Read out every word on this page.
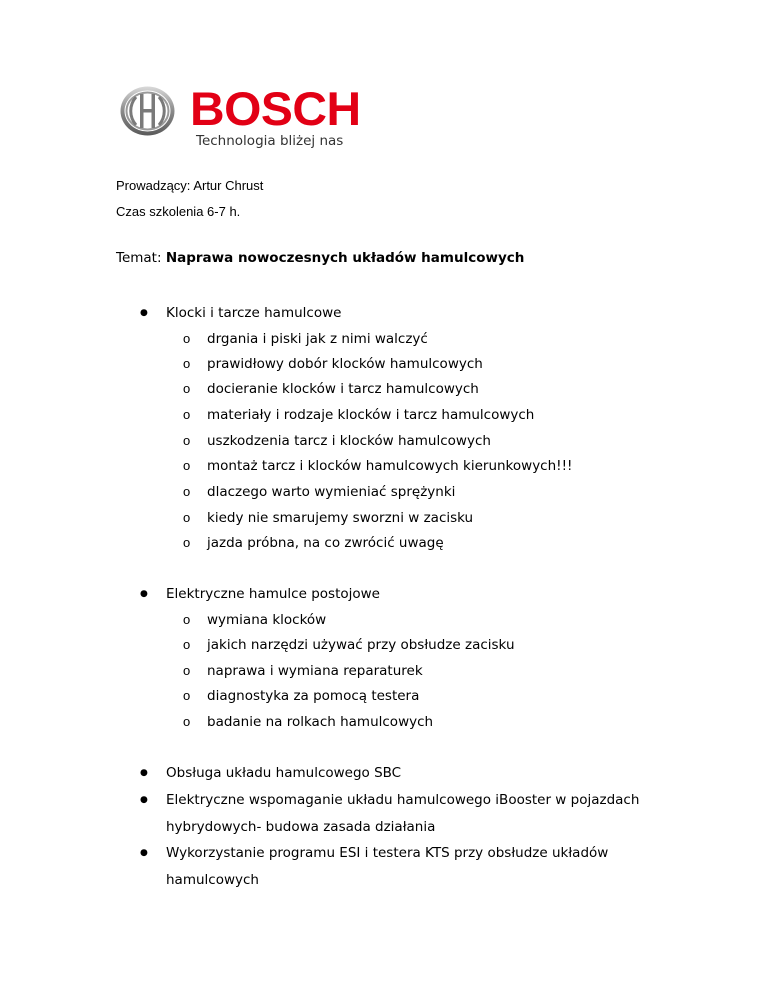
BOSCH
Technologia bliżej nas
Prowadzący: Artur Chrust
Czas szkolenia 6-7 h.
Temat: Naprawa nowoczesnych układów hamulcowych
● Klocki i tarcze hamulcowe
o drgania i piski jak z nimi walczyć
o prawidłowy dobór klocków hamulcowych
o docieranie klocków i tarcz hamulcowych
o materiały i rodzaje klocków i tarcz hamulcowych
o uszkodzenia tarcz i klocków hamulcowych
o montaż tarcz i klocków hamulcowych kierunkowych!!!
o dlaczego warto wymieniać sprężynki
o kiedy nie smarujemy sworzni w zacisku
o jazda próbna, na co zwrócić uwagę
● Elektryczne hamulce postojowe
o wymiana klocków
o jakich narzędzi używać przy obsłudze zacisku
o naprawa i wymiana reparaturek
o diagnostyka za pomocą testera
o badanie na rolkach hamulcowych
● Obsługa układu hamulcowego SBC
● Elektryczne wspomaganie układu hamulcowego iBooster w pojazdach
hybrydowych- budowa zasada działania
● Wykorzystanie programu ESI i testera KTS przy obsłudze układów
hamulcowych
